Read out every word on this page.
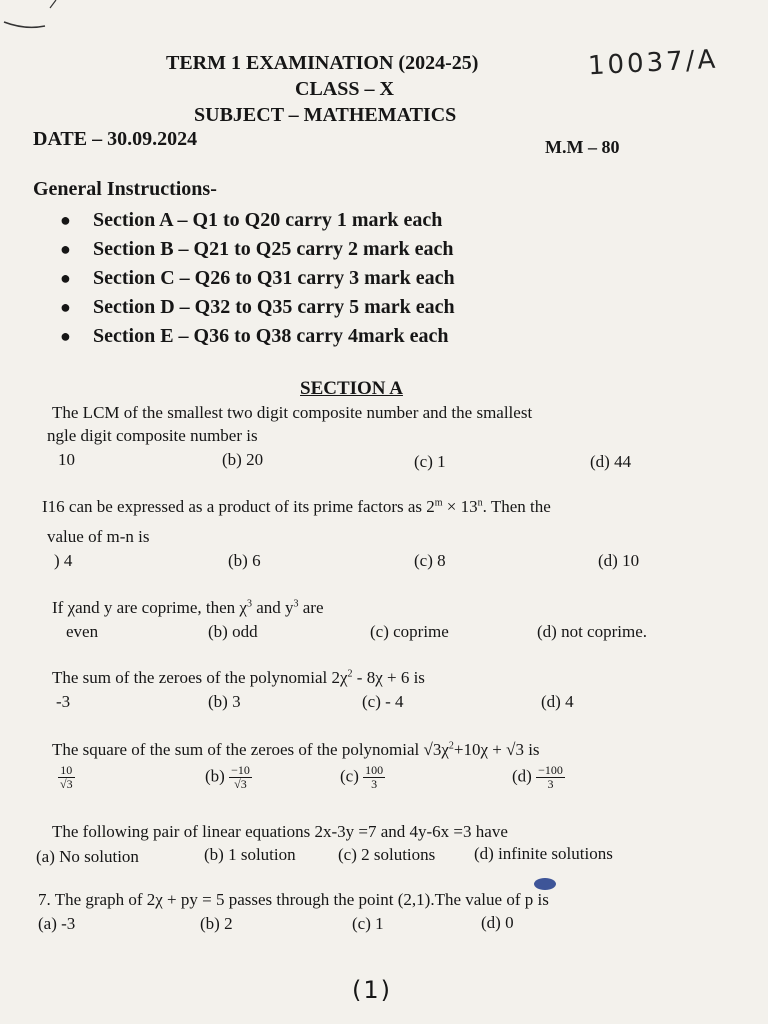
TERM 1 EXAMINATION (2024-25)
CLASS – X
SUBJECT – MATHEMATICS
DATE – 30.09.2024	M.M – 80
10037/A
General Instructions-
● Section A – Q1 to Q20 carry 1 mark each
● Section B – Q21 to Q25 carry 2 mark each
● Section C – Q26 to Q31 carry 3 mark each
● Section D – Q32 to Q35 carry 5 mark each
● Section E – Q36 to Q38 carry 4mark each
SECTION A
The LCM of the smallest two digit composite number and the smallest
ngle digit composite number is
10	(b) 20	(c) 1	(d) 44
I16 can be expressed as a product of its prime factors as $2^m \times 13^n$. Then the
value of m-n is
) 4	(b) 6	(c) 8	(d) 10
If χand y are coprime, then $\chi^3$ and $y^3$ are
even	(b) odd	(c) coprime	(d) not coprime.
The sum of the zeroes of the polynomial $2\chi^2 - 8\chi + 6$ is
-3	(b) 3	(c) - 4	(d) 4
The square of the sum of the zeroes of the polynomial $√3\chi^2+10\chi + √3$ is
$\frac{10}{√3}$	$(b) \frac{-10}{√3}$	$(c) \frac{100}{3}$	$(d) \frac{-100}{3}$
The following pair of linear equations 2x-3y =7 and 4y-6x =3 have
(a) No solution	(b) 1 solution (c) 2 solutions (d) infinite solutions
7. The graph of 2χ + py = 5 passes through the point (2,1).The value of p is
(a) -3	(b) 2	(c) 1	(d) 0
(1)
